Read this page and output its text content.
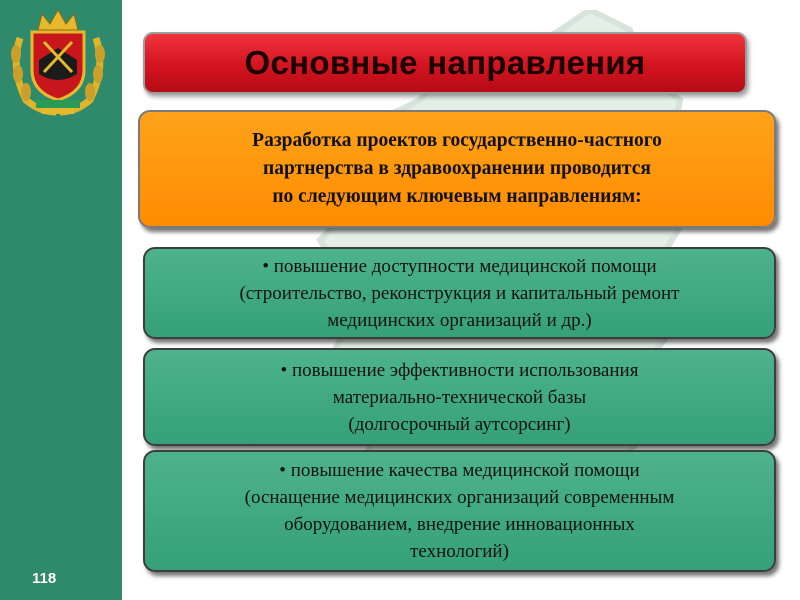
118
Основные направления
Разработка проектов государственно-частного
партнерства в здравоохранении проводится
по следующим ключевым направлениям:
• повышение доступности медицинской помощи
(строительство, реконструкция и капитальный ремонт
медицинских организаций и др.)
• повышение эффективности использования
материально-технической базы
(долгосрочный аутсорсинг)
• повышение качества медицинской помощи
(оснащение медицинских организаций современным
оборудованием, внедрение инновационных
технологий)
